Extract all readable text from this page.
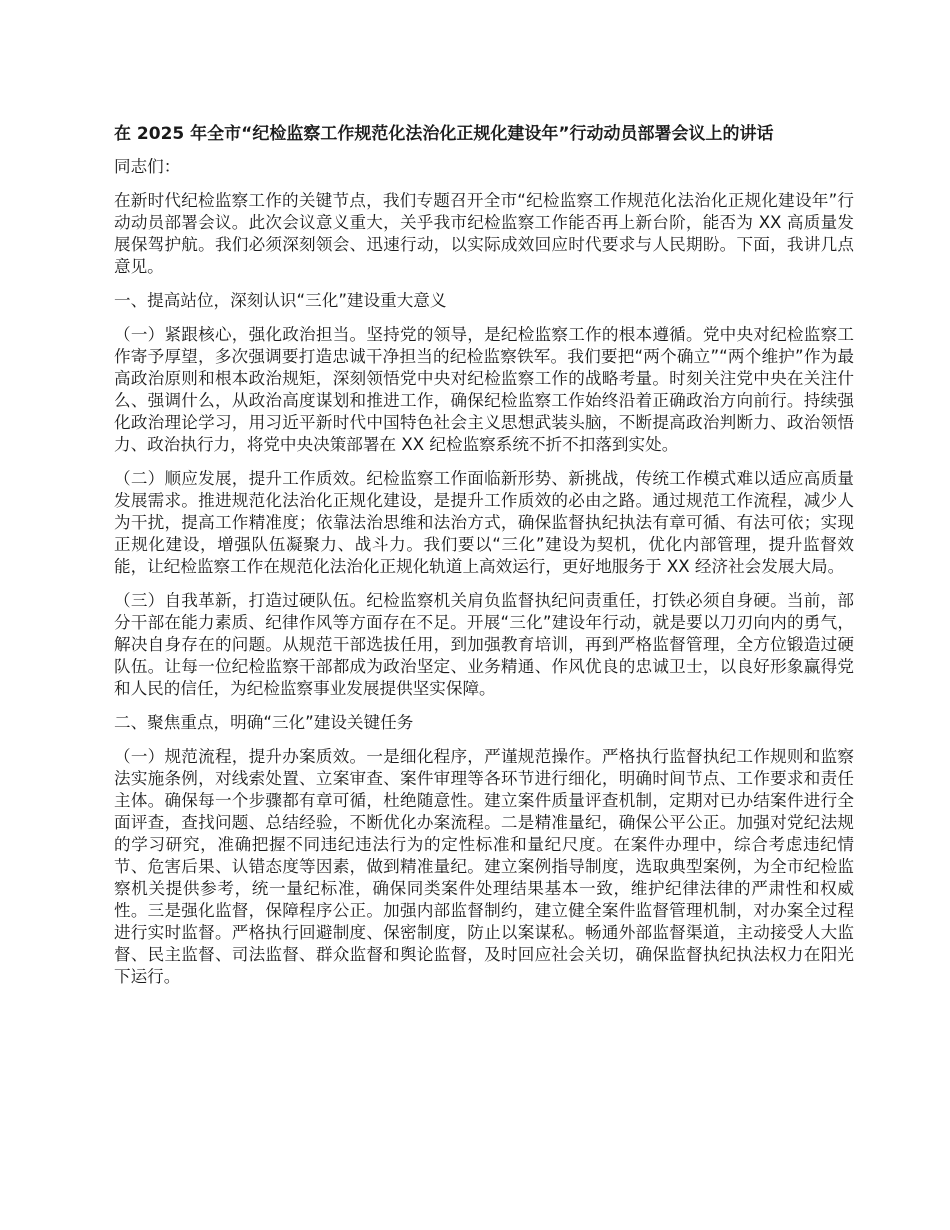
在 2025 年全市“纪检监察工作规范化法治化正规化建设年”行动动员部署会议上的讲话

同志们：

在新时代纪检监察工作的关键节点，我们专题召开全市“纪检监察工作规范化法治化正规化建设年”行动动员部署会议。此次会议意义重大，关乎我市纪检监察工作能否再上新台阶，能否为 XX 高质量发展保驾护航。我们必须深刻领会、迅速行动，以实际成效回应时代要求与人民期盼。下面，我讲几点意见。

一、提高站位，深刻认识“三化”建设重大意义

（一）紧跟核心，强化政治担当。坚持党的领导，是纪检监察工作的根本遵循。党中央对纪检监察工作寄予厚望，多次强调要打造忠诚干净担当的纪检监察铁军。我们要把“两个确立”“两个维护”作为最高政治原则和根本政治规矩，深刻领悟党中央对纪检监察工作的战略考量。时刻关注党中央在关注什么、强调什么，从政治高度谋划和推进工作，确保纪检监察工作始终沿着正确政治方向前行。持续强化政治理论学习，用习近平新时代中国特色社会主义思想武装头脑，不断提高政治判断力、政治领悟力、政治执行力，将党中央决策部署在 XX 纪检监察系统不折不扣落到实处。

（二）顺应发展，提升工作质效。纪检监察工作面临新形势、新挑战，传统工作模式难以适应高质量发展需求。推进规范化法治化正规化建设，是提升工作质效的必由之路。通过规范工作流程，减少人为干扰，提高工作精准度；依靠法治思维和法治方式，确保监督执纪执法有章可循、有法可依；实现正规化建设，增强队伍凝聚力、战斗力。我们要以“三化”建设为契机，优化内部管理，提升监督效能，让纪检监察工作在规范化法治化正规化轨道上高效运行，更好地服务于 XX 经济社会发展大局。

（三）自我革新，打造过硬队伍。纪检监察机关肩负监督执纪问责重任，打铁必须自身硬。当前，部分干部在能力素质、纪律作风等方面存在不足。开展“三化”建设年行动，就是要以刀刃向内的勇气，解决自身存在的问题。从规范干部选拔任用，到加强教育培训，再到严格监督管理，全方位锻造过硬队伍。让每一位纪检监察干部都成为政治坚定、业务精通、作风优良的忠诚卫士，以良好形象赢得党和人民的信任，为纪检监察事业发展提供坚实保障。

二、聚焦重点，明确“三化”建设关键任务

（一）规范流程，提升办案质效。一是细化程序，严谨规范操作。严格执行监督执纪工作规则和监察法实施条例，对线索处置、立案审查、案件审理等各环节进行细化，明确时间节点、工作要求和责任主体。确保每一个步骤都有章可循，杜绝随意性。建立案件质量评查机制，定期对已办结案件进行全面评查，查找问题、总结经验，不断优化办案流程。二是精准量纪，确保公平公正。加强对党纪法规的学习研究，准确把握不同违纪违法行为的定性标准和量纪尺度。在案件办理中，综合考虑违纪情节、危害后果、认错态度等因素，做到精准量纪。建立案例指导制度，选取典型案例，为全市纪检监察机关提供参考，统一量纪标准，确保同类案件处理结果基本一致，维护纪律法律的严肃性和权威性。三是强化监督，保障程序公正。加强内部监督制约，建立健全案件监督管理机制，对办案全过程进行实时监督。严格执行回避制度、保密制度，防止以案谋私。畅通外部监督渠道，主动接受人大监督、民主监督、司法监督、群众监督和舆论监督，及时回应社会关切，确保监督执纪执法权力在阳光下运行。
